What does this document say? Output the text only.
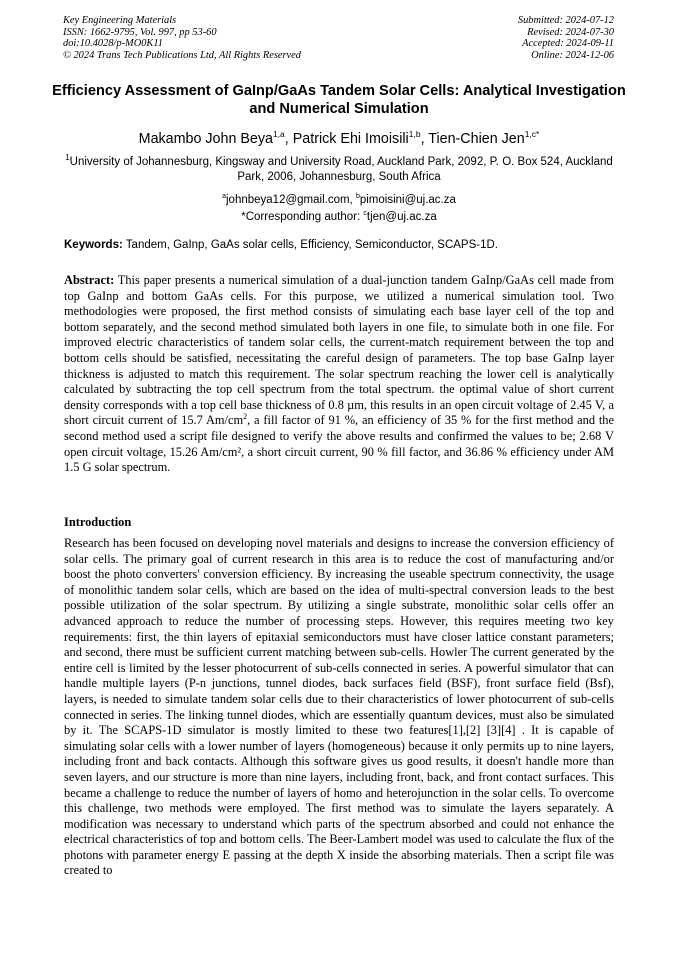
Key Engineering Materials
ISSN: 1662-9795, Vol. 997, pp 53-60
doi:10.4028/p-MO0K11
© 2024 Trans Tech Publications Ltd, All Rights Reserved
Submitted: 2024-07-12
Revised: 2024-07-30
Accepted: 2024-09-11
Online: 2024-12-06
Efficiency Assessment of GaInp/GaAs Tandem Solar Cells: Analytical Investigation and Numerical Simulation
Makambo John Beya$^{1,a}$, Patrick Ehi Imoisili$^{1,b}$, Tien-Chien Jen$^{1,c*}$
$^1$University of Johannesburg, Kingsway and University Road, Auckland Park, 2092, P. O. Box 524, Auckland Park, 2006, Johannesburg, South Africa
$^a$johnbeya12@gmail.com, $^b$pimoisini@uj.ac.za
*Corresponding author: $^c$tjen@uj.ac.za
Keywords: Tandem, GaInp, GaAs solar cells, Efficiency, Semiconductor, SCAPS-1D.
Abstract: This paper presents a numerical simulation of a dual-junction tandem GaInp/GaAs cell made from top GaInp and bottom GaAs cells. For this purpose, we utilized a numerical simulation tool. Two methodologies were proposed, the first method consists of simulating each base layer cell of the top and bottom separately, and the second method simulated both layers in one file, to simulate both in one file. For improved electric characteristics of tandem solar cells, the current-match requirement between the top and bottom cells should be satisfied, necessitating the careful design of parameters. The top base GaInp layer thickness is adjusted to match this requirement. The solar spectrum reaching the lower cell is analytically calculated by subtracting the top cell spectrum from the total spectrum. the optimal value of short current density corresponds with a top cell base thickness of 0.8 µm, this results in an open circuit voltage of 2.45 V, a short circuit current of 15.7 $Am/cm^2$, a fill factor of 91 %, an efficiency of 35 % for the first method and the second method used a script file designed to verify the above results and confirmed the values to be; 2.68 V open circuit voltage, 15.26 Am/cm², a short circuit current, 90 % fill factor, and 36.86 % efficiency under AM 1.5 G solar spectrum.
Introduction
Research has been focused on developing novel materials and designs to increase the conversion efficiency of solar cells. The primary goal of current research in this area is to reduce the cost of manufacturing and/or boost the photo converters' conversion efficiency. By increasing the useable spectrum connectivity, the usage of monolithic tandem solar cells, which are based on the idea of multi-spectral conversion leads to the best possible utilization of the solar spectrum. By utilizing a single substrate, monolithic solar cells offer an advanced approach to reduce the number of processing steps. However, this requires meeting two key requirements: first, the thin layers of epitaxial semiconductors must have closer lattice constant parameters; and second, there must be sufficient current matching between sub-cells. Howler The current generated by the entire cell is limited by the lesser photocurrent of sub-cells connected in series. A powerful simulator that can handle multiple layers (P-n junctions, tunnel diodes, back surfaces field (BSF), front surface field (Bsf), layers, is needed to simulate tandem solar cells due to their characteristics of lower photocurrent of sub-cells connected in series. The linking tunnel diodes, which are essentially quantum devices, must also be simulated by it. The SCAPS-1D simulator is mostly limited to these two features[1],[2] [3][4] . It is capable of simulating solar cells with a lower number of layers (homogeneous) because it only permits up to nine layers, including front and back contacts. Although this software gives us good results, it doesn't handle more than seven layers, and our structure is more than nine layers, including front, back, and front contact surfaces. This became a challenge to reduce the number of layers of homo and heterojunction in the solar cells. To overcome this challenge, two methods were employed. The first method was to simulate the layers separately. A modification was necessary to understand which parts of the spectrum absorbed and could not enhance the electrical characteristics of top and bottom cells. The Beer-Lambert model was used to calculate the flux of the photons with parameter energy E passing at the depth X inside the absorbing materials. Then a script file was created to
